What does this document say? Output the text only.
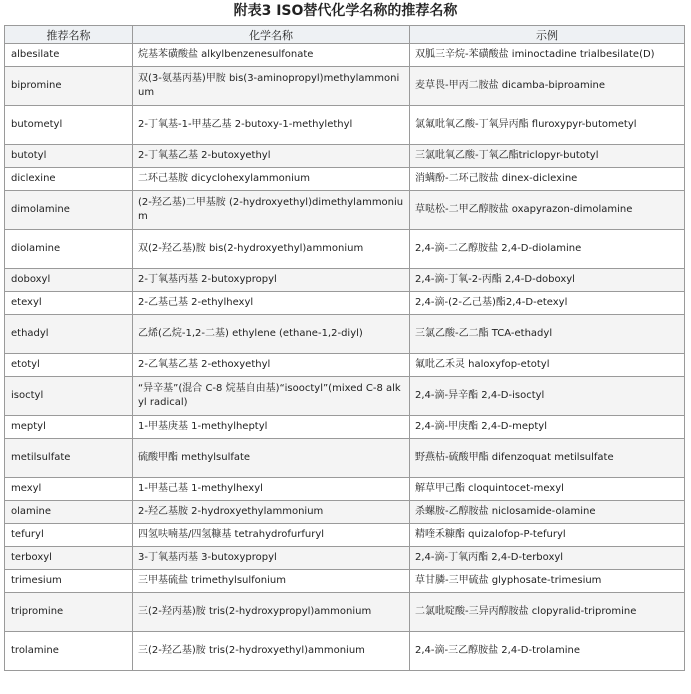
附表3 ISO替代化学名称的推荐名称
推荐名称	化学名称	示例
albesilate	烷基苯磺酸盐 alkylbenzenesulfonate	双胍三辛烷-苯磺酸盐 iminoctadine trialbesilate(D)
bipromine	双(3-氨基丙基)甲胺 bis(3-aminopropyl)methylammonium	麦草畏-甲丙二胺盐 dicamba-biproamine
butometyl	2-丁氧基-1-甲基乙基 2-butoxy-1-methylethyl	氯氟吡氧乙酸-丁氧异丙酯 fluroxypyr-butometyl
butotyl	2-丁氧基乙基 2-butoxyethyl	三氯吡氧乙酸-丁氧乙酯triclopyr-butotyl
diclexine	二环己基胺 dicyclohexylammonium	消螨酚-二环己胺盐 dinex-diclexine
dimolamine	(2-羟乙基)二甲基胺 (2-hydroxyethyl)dimethylammonium	草哒松-二甲乙醇胺盐 oxapyrazon-dimolamine
diolamine	双(2-羟乙基)胺 bis(2-hydroxyethyl)ammonium	2,4-滴-二乙醇胺盐 2,4-D-diolamine
doboxyl	2-丁氧基丙基 2-butoxypropyl	2,4-滴-丁氧-2-丙酯 2,4-D-doboxyl
etexyl	2-乙基己基 2-ethylhexyl	2,4-滴-(2-乙己基)酯2,4-D-etexyl
ethadyl	乙烯(乙烷-1,2-二基) ethylene (ethane-1,2-diyl)	三氯乙酸-乙二酯 TCA-ethadyl
etotyl	2-乙氧基乙基 2-ethoxyethyl	氟吡乙禾灵 haloxyfop-etotyl
isoctyl	“异辛基”(混合 C-8 烷基自由基)“isooctyl”(mixed C-8 alkyl radical)	2,4-滴-异辛酯 2,4-D-isoctyl
meptyl	1-甲基庚基 1-methylheptyl	2,4-滴-甲庚酯 2,4-D-meptyl
metilsulfate	硫酸甲酯 methylsulfate	野燕枯-硫酸甲酯 difenzoquat metilsulfate
mexyl	1-甲基己基 1-methylhexyl	解草甲己酯 cloquintocet-mexyl
olamine	2-羟乙基胺 2-hydroxyethylammonium	杀螺胺-乙醇胺盐 niclosamide-olamine
tefuryl	四氢呋喃基/四氢糠基 tetrahydrofurfuryl	精喹禾糠酯 quizalofop-P-tefuryl
terboxyl	3-丁氧基丙基 3-butoxypropyl	2,4-滴-丁氧丙酯 2,4-D-terboxyl
trimesium	三甲基硫盐 trimethylsulfonium	草甘膦-三甲硫盐 glyphosate-trimesium
tripromine	三(2-羟丙基)胺 tris(2-hydroxypropyl)ammonium	二氯吡啶酸-三异丙醇胺盐 clopyralid-tripromine
trolamine	三(2-羟乙基)胺 tris(2-hydroxyethyl)ammonium	2,4-滴-三乙醇胺盐 2,4-D-trolamine
